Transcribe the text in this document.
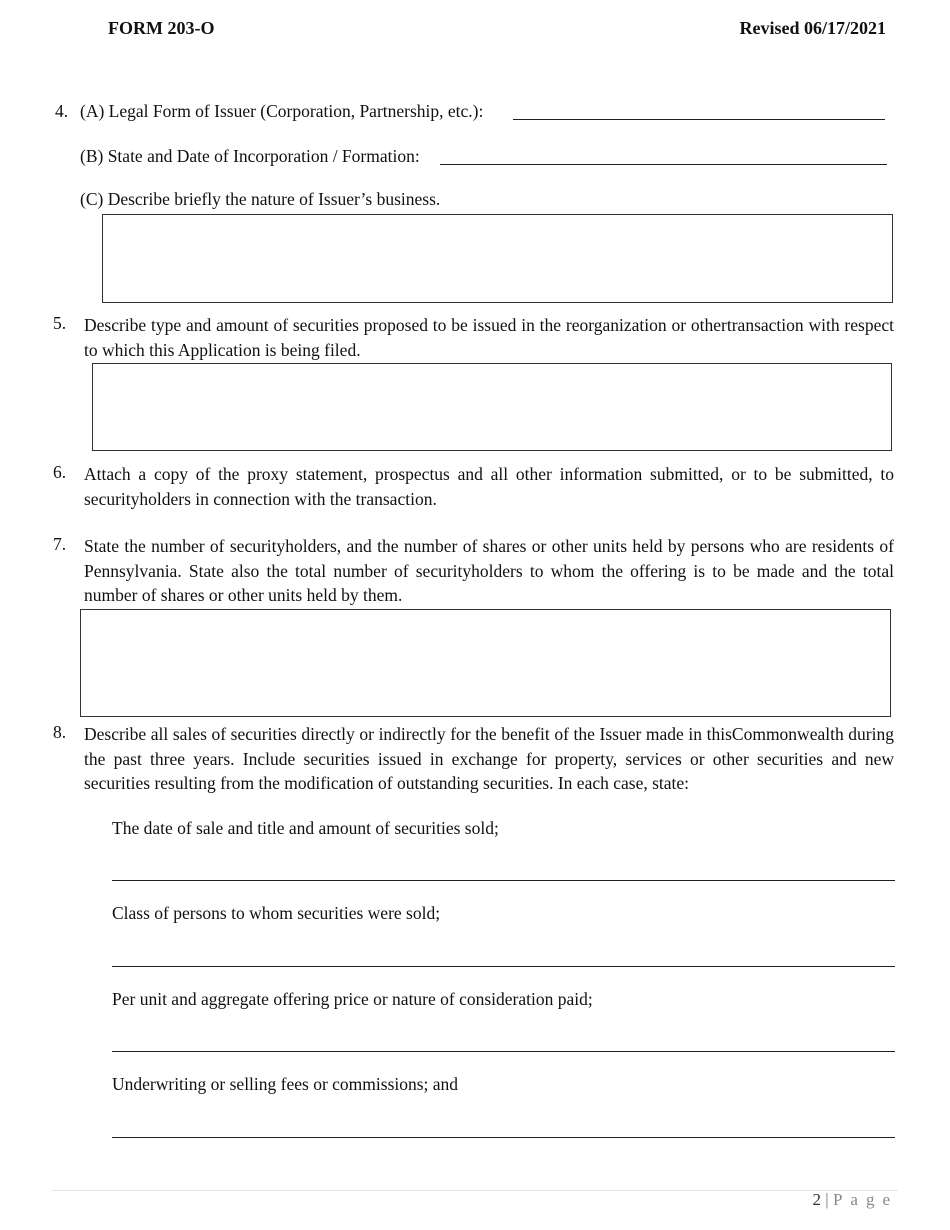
FORM 203-O	Revised 06/17/2021
4. (A) Legal Form of Issuer (Corporation, Partnership, etc.):
(B) State and Date of Incorporation / Formation:
(C) Describe briefly the nature of Issuer’s business.
5. Describe type and amount of securities proposed to be issued in the reorganization or othertransaction with respect to which this Application is being filed.
6. Attach a copy of the proxy statement, prospectus and all other information submitted, or to be submitted, to securityholders in connection with the transaction.
7. State the number of securityholders, and the number of shares or other units held by persons who are residents of Pennsylvania. State also the total number of securityholders to whom the offering is to be made and the total number of shares or other units held by them.
8. Describe all sales of securities directly or indirectly for the benefit of the Issuer made in thisCommonwealth during the past three years. Include securities issued in exchange for property, services or other securities and new securities resulting from the modification of outstanding securities. In each case, state:
The date of sale and title and amount of securities sold;
Class of persons to whom securities were sold;
Per unit and aggregate offering price or nature of consideration paid;
Underwriting or selling fees or commissions; and
2 | Page
